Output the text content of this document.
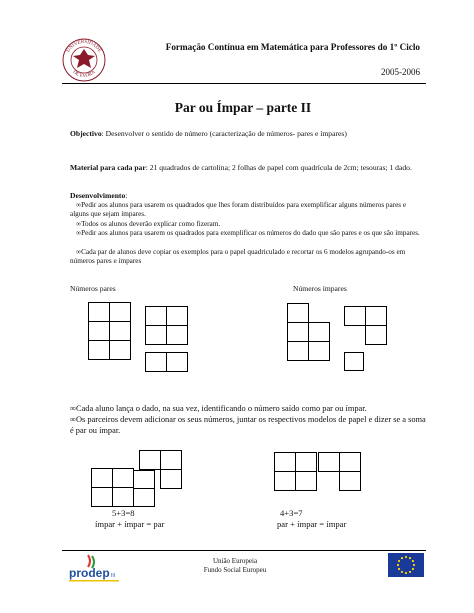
UNIVERSIDADE
DE ÉVORA
Formação Contínua em Matemática para Professores do 1º Ciclo
2005-2006
Par ou Ímpar – parte II
Objectivo: Desenvolver o sentido de número (caracterização de números- pares e ímpares)
Material para cada par: 21 quadrados de cartolina; 2 folhas de papel com quadrícula de 2cm; tesouras; 1 dado.
Desenvolvimento:
∞Pedir aos alunos para usarem os quadrados que lhes foram distribuídos para exemplificar alguns números pares e alguns que sejam ímpares.
∞Todos os alunos deverão explicar como fizeram.
∞Pedir aos alunos para usarem os quadrados para exemplificar os números do dado que são pares e os que são ímpares.
∞Cada par de alunos deve copiar os exemplos para o papel quadriculado e recortar os 6 modelos agrupando-os em números pares e ímpares
Números pares	Números ímpares
∞Cada aluno lança o dado, na sua vez, identificando o número saído como par ou ímpar.
∞Os parceiros devem adicionar os seus números, juntar os respectivos modelos de papel e dizer se a soma é par ou ímpar.
5+3=8
ímpar + ímpar = par
4+3=7
par + ímpar = ímpar
prodep III
União Europeia
Fundo Social Europeu
